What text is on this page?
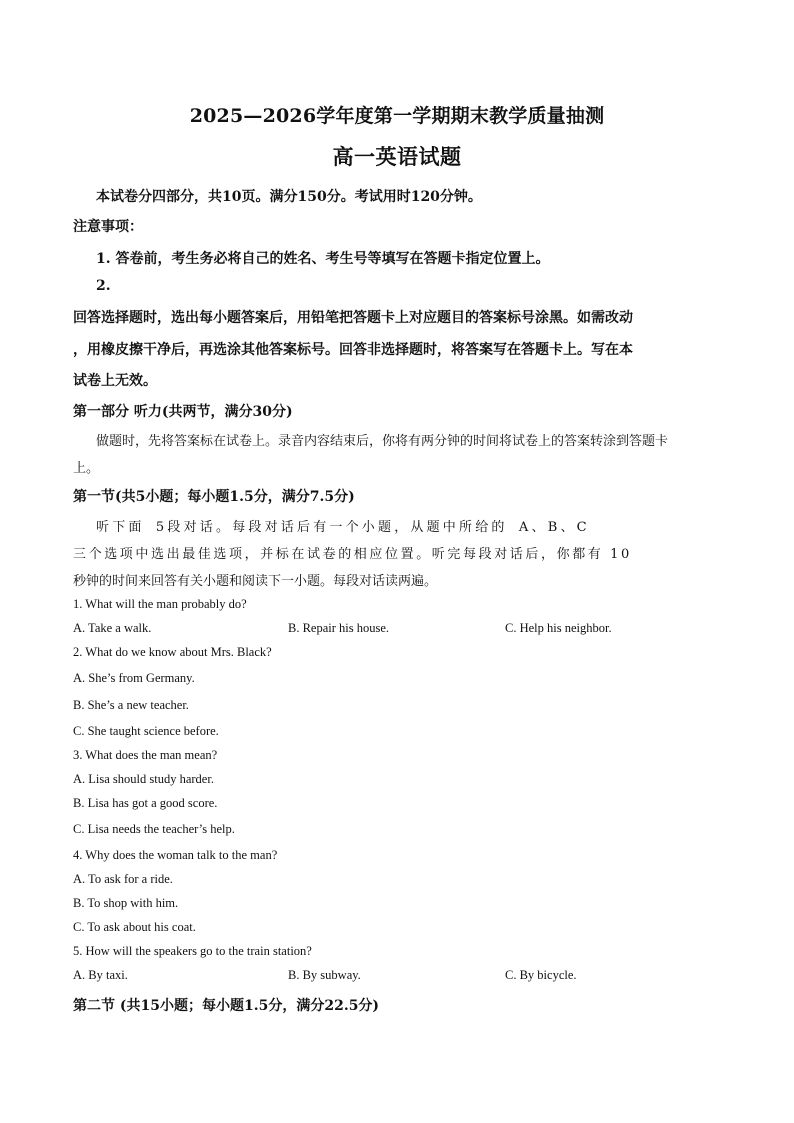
2025—2026学年度第一学期期末教学质量抽测
高一英语试题
本试卷分四部分，共10页。满分150分。考试用时120分钟。
注意事项：
1. 答卷前，考生务必将自己的姓名、考生号等填写在答题卡指定位置上。
2.
回答选择题时，选出每小题答案后，用铅笔把答题卡上对应题目的答案标号涂黑。如需改动
，用橡皮擦干净后，再选涂其他答案标号。回答非选择题时，将答案写在答题卡上。写在本
试卷上无效。
第一部分 听力(共两节，满分30分)
做题时，先将答案标在试卷上。录音内容结束后，你将有两分钟的时间将试卷上的答案转涂到答题卡
上。
第一节(共5小题；每小题1.5分，满分7.5分)
听下面 5段对话。每段对话后有一个小题，从题中所给的 A、B、C
三个选项中选出最佳选项，并标在试卷的相应位置。听完每段对话后，你都有 10
秒钟的时间来回答有关小题和阅读下一小题。每段对话读两遍。
1. What will the man probably do?
A. Take a walk.	B. Repair his house.	C. Help his neighbor.
2. What do we know about Mrs. Black?
A. She’s from Germany.
B. She’s a new teacher.
C. She taught science before.
3. What does the man mean?
A. Lisa should study harder.
B. Lisa has got a good score.
C. Lisa needs the teacher’s help.
4. Why does the woman talk to the man?
A. To ask for a ride.
B. To shop with him.
C. To ask about his coat.
5. How will the speakers go to the train station?
A. By taxi.	B. By subway.	C. By bicycle.
第二节 (共15小题；每小题1.5分，满分22.5分)
